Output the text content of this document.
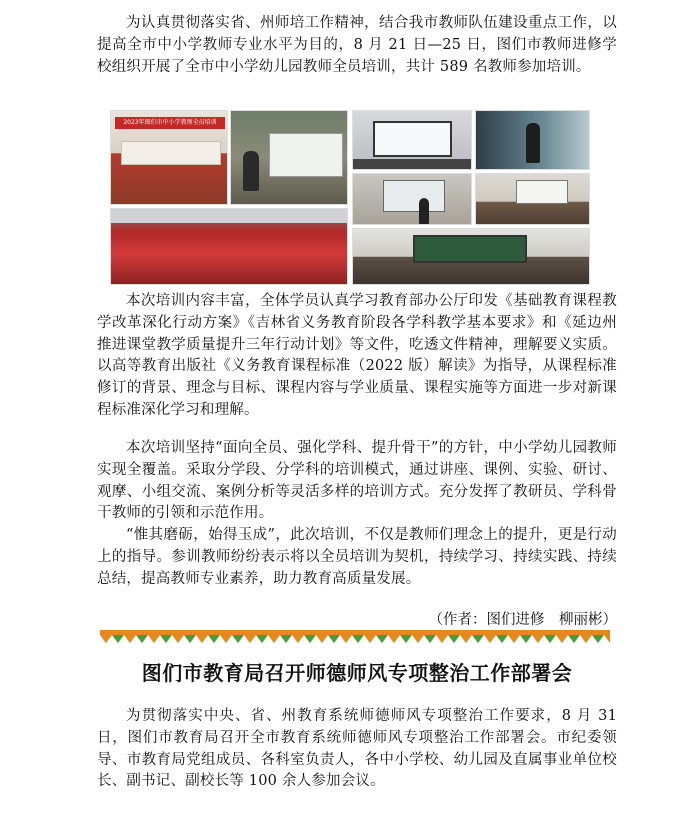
为认真贯彻落实省、州师培工作精神，结合我市教师队伍建设重点工作，以提高全市中小学教师专业水平为目的，8 月 21 日—25 日，图们市教师进修学校组织开展了全市中小学幼儿园教师全员培训，共计 589 名教师参加培训。

2023年图们市中小学教师全员培训

本次培训内容丰富，全体学员认真学习教育部办公厅印发《基础教育课程教学改革深化行动方案》《吉林省义务教育阶段各学科教学基本要求》和《延边州推进课堂教学质量提升三年行动计划》等文件，吃透文件精神，理解要义实质。以高等教育出版社《义务教育课程标准（2022 版）解读》为指导，从课程标准修订的背景、理念与目标、课程内容与学业质量、课程实施等方面进一步对新课程标准深化学习和理解。

本次培训坚持“面向全员、强化学科、提升骨干”的方针，中小学幼儿园教师实现全覆盖。采取分学段、分学科的培训模式，通过讲座、课例、实验、研讨、观摩、小组交流、案例分析等灵活多样的培训方式。充分发挥了教研员、学科骨干教师的引领和示范作用。

“惟其磨砺，始得玉成”，此次培训，不仅是教师们理念上的提升，更是行动上的指导。参训教师纷纷表示将以全员培训为契机，持续学习、持续实践、持续总结，提高教师专业素养，助力教育高质量发展。

（作者：图们进修　柳丽彬）
图们市教育局召开师德师风专项整治工作部署会

为贯彻落实中央、省、州教育系统师德师风专项整治工作要求，8 月 31 日，图们市教育局召开全市教育系统师德师风专项整治工作部署会。市纪委领导、市教育局党组成员、各科室负责人，各中小学校、幼儿园及直属事业单位校长、副书记、副校长等 100 余人参加会议。
